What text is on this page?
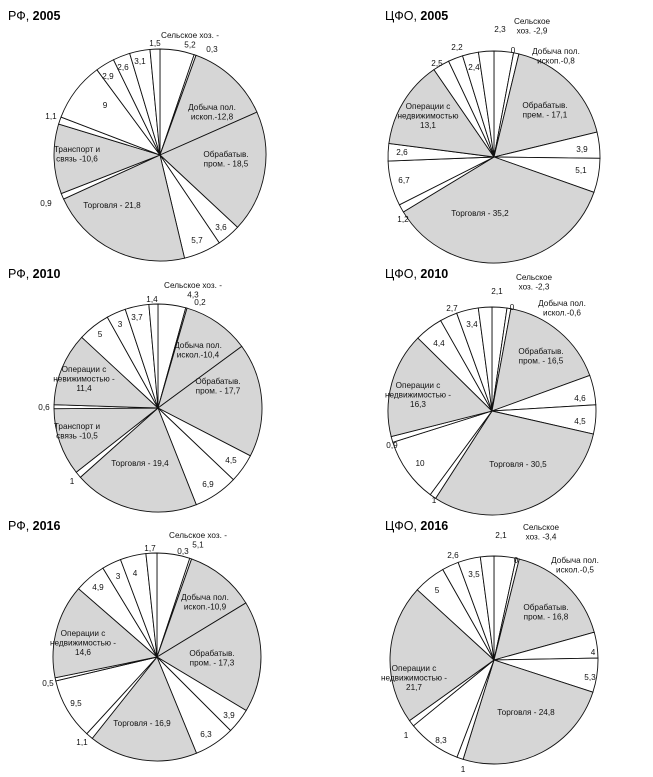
РФ, 2005	ЦФО, 2005
РФ, 2010	ЦФО, 2010
РФ, 2016	ЦФО, 2016
Сельское хоз. -5,2	0,3
Добыча пол. ископ.-12,8
Обрабатыв. пром. - 18,5
3,6
5,7
Торговля - 21,8
0,9
Транспорт и связь -10,6
1,1
9
2,9
2,6
3,1
1,5
Сельское хоз. -2,9
0 Добыча пол. ископ.-0,8
Обрабатыв. прем. - 17,1
3,9
5,1
Торговля - 35,2
1,2
6,7
2,6
Операции с недвижимостью 13,1
2,5
2,2
2,4
2,3
Сельское хоз. -4,3
0,2
Добыча пол. искол.-10,4
Обрабатыв. пром. - 17,7
4,5
6,9
Торговля - 19,4
1
Транспорт и связь -10,5
0,6
Операции с невижимостью -11,4
5
3
3,7
1,4
Сельское хоз. -2,3
0	Добыча пол. искол.-0,6
Обрабатыв. пром. - 16,5
4,6
4,5
Торговля - 30,5
1
10
0,9
Операции с недвижимостью -16,3
4,4
2,7
3,4
2,1
Сельское хоз. -5,1
0,3
Добыча пол. ископ.-10,9
Обрабатыв. пром. - 17,3
3,9
6,3
Торговля - 16,9
1,1
9,5
0,5
Операции с недвижимостью -14,6
4,9
3 4
1,7
Сельское хоз. -3,4
0	Добыча пол. искол.-0,5
Обрабатыв. пром. - 16,8
4
5,3
Торговля - 24,8
1
8,3
1
Операции с недвижимостью -21,7
5
2,6
3,5
2,1
